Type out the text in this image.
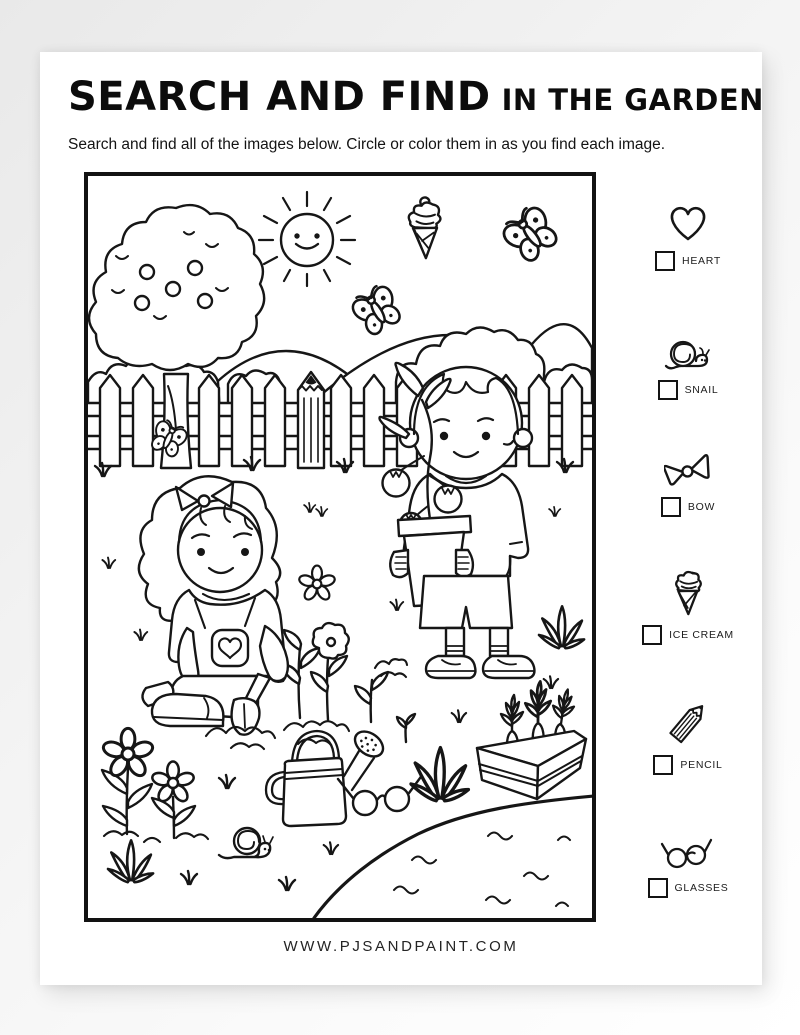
SEARCH AND FIND IN THE GARDEN
Search and find all of the images below. Circle or color them in as you find each image.
HEART
SNAIL
BOW
ICE CREAM
PENCIL
GLASSES
WWW.PJSANDPAINT.COM
